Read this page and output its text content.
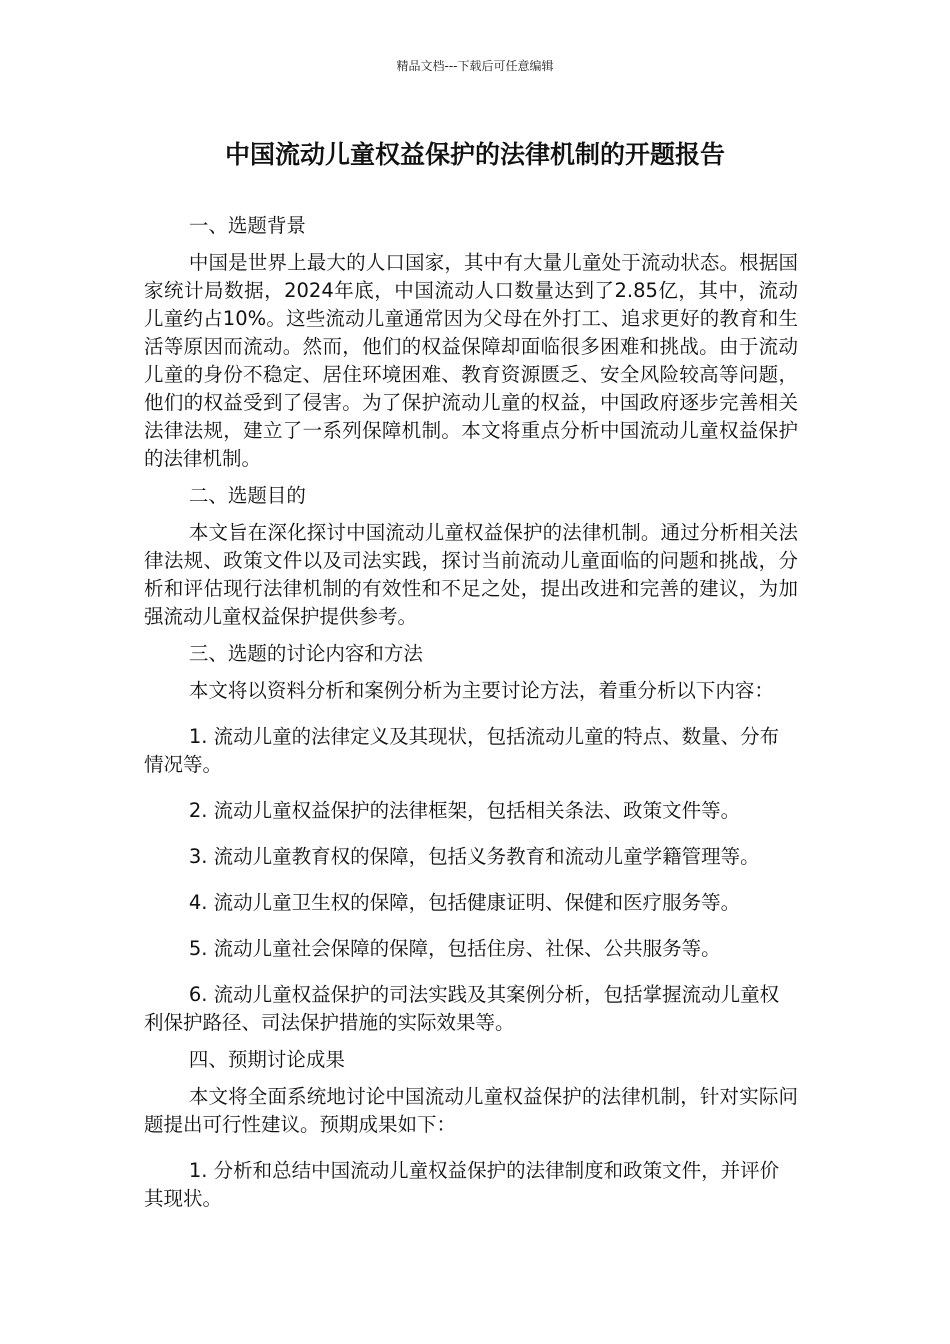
精品文档---下载后可任意编辑
中国流动儿童权益保护的法律机制的开题报告

一、选题背景

中国是世界上最大的人口国家，其中有大量儿童处于流动状态。根据国家统计局数据，2024年底，中国流动人口数量达到了2.85亿，其中，流动儿童约占10%。这些流动儿童通常因为父母在外打工、追求更好的教育和生活等原因而流动。然而，他们的权益保障却面临很多困难和挑战。由于流动儿童的身份不稳定、居住环境困难、教育资源匮乏、安全风险较高等问题，他们的权益受到了侵害。为了保护流动儿童的权益，中国政府逐步完善相关法律法规，建立了一系列保障机制。本文将重点分析中国流动儿童权益保护的法律机制。

二、选题目的

本文旨在深化探讨中国流动儿童权益保护的法律机制。通过分析相关法律法规、政策文件以及司法实践，探讨当前流动儿童面临的问题和挑战，分析和评估现行法律机制的有效性和不足之处，提出改进和完善的建议，为加强流动儿童权益保护提供参考。

三、选题的讨论内容和方法

本文将以资料分析和案例分析为主要讨论方法，着重分析以下内容：

1. 流动儿童的法律定义及其现状，包括流动儿童的特点、数量、分布情况等。

2. 流动儿童权益保护的法律框架，包括相关条法、政策文件等。

3. 流动儿童教育权的保障，包括义务教育和流动儿童学籍管理等。

4. 流动儿童卫生权的保障，包括健康证明、保健和医疗服务等。

5. 流动儿童社会保障的保障，包括住房、社保、公共服务等。

6. 流动儿童权益保护的司法实践及其案例分析，包括掌握流动儿童权利保护路径、司法保护措施的实际效果等。

四、预期讨论成果

本文将全面系统地讨论中国流动儿童权益保护的法律机制，针对实际问题提出可行性建议。预期成果如下：

1. 分析和总结中国流动儿童权益保护的法律制度和政策文件，并评价其现状。
